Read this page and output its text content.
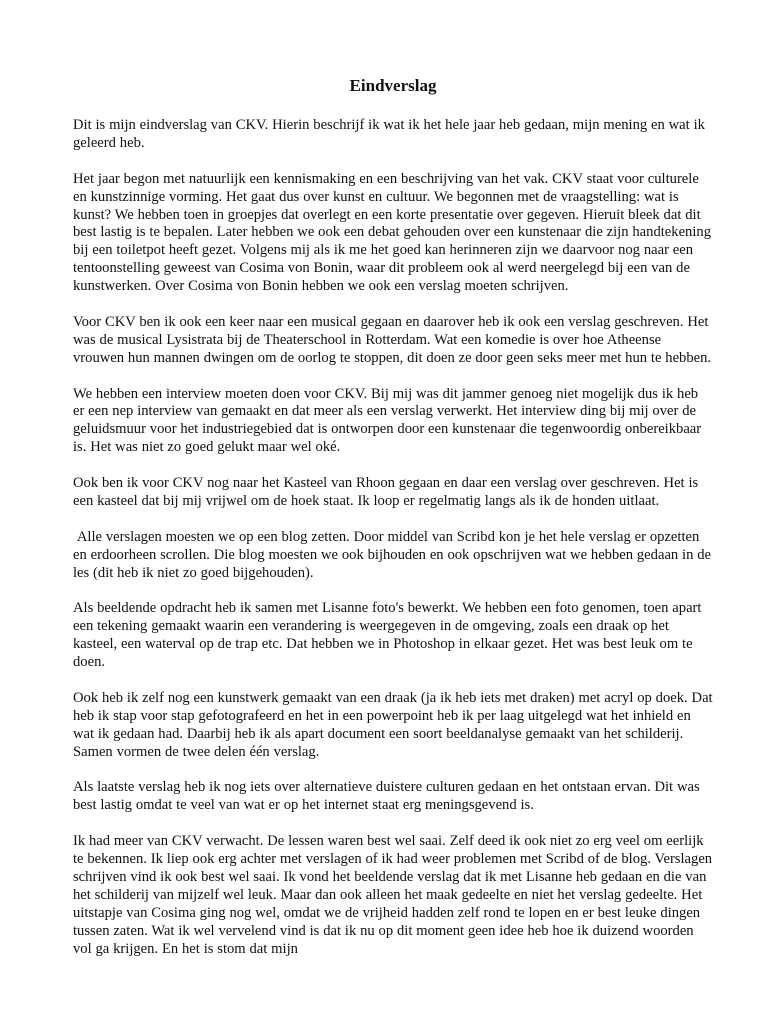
Eindverslag

Dit is mijn eindverslag van CKV. Hierin beschrijf ik wat ik het hele jaar heb gedaan, mijn mening en wat ik geleerd heb.

Het jaar begon met natuurlijk een kennismaking en een beschrijving van het vak. CKV staat voor culturele en kunstzinnige vorming. Het gaat dus over kunst en cultuur. We begonnen met de vraagstelling: wat is kunst? We hebben toen in groepjes dat overlegt en een korte presentatie over gegeven. Hieruit bleek dat dit best lastig is te bepalen. Later hebben we ook een debat gehouden over een kunstenaar die zijn handtekening bij een toiletpot heeft gezet. Volgens mij als ik me het goed kan herinneren zijn we daarvoor nog naar een tentoonstelling geweest van Cosima von Bonin, waar dit probleem ook al werd neergelegd bij een van de kunstwerken. Over Cosima von Bonin hebben we ook een verslag moeten schrijven.

Voor CKV ben ik ook een keer naar een musical gegaan en daarover heb ik ook een verslag geschreven. Het was de musical Lysistrata bij de Theaterschool in Rotterdam. Wat een komedie is over hoe Atheense vrouwen hun mannen dwingen om de oorlog te stoppen, dit doen ze door geen seks meer met hun te hebben.

We hebben een interview moeten doen voor CKV. Bij mij was dit jammer genoeg niet mogelijk dus ik heb er een nep interview van gemaakt en dat meer als een verslag verwerkt. Het interview ding bij mij over de geluidsmuur voor het industriegebied dat is ontworpen door een kunstenaar die tegenwoordig onbereikbaar is. Het was niet zo goed gelukt maar wel oké.

Ook ben ik voor CKV nog naar het Kasteel van Rhoon gegaan en daar een verslag over geschreven. Het is een kasteel dat bij mij vrijwel om de hoek staat. Ik loop er regelmatig langs als ik de honden uitlaat.

Alle verslagen moesten we op een blog zetten. Door middel van Scribd kon je het hele verslag er opzetten en erdoorheen scrollen. Die blog moesten we ook bijhouden en ook opschrijven wat we hebben gedaan in de les (dit heb ik niet zo goed bijgehouden).

Als beeldende opdracht heb ik samen met Lisanne foto's bewerkt. We hebben een foto genomen, toen apart een tekening gemaakt waarin een verandering is weergegeven in de omgeving, zoals een draak op het kasteel, een waterval op de trap etc. Dat hebben we in Photoshop in elkaar gezet. Het was best leuk om te doen.

Ook heb ik zelf nog een kunstwerk gemaakt van een draak (ja ik heb iets met draken) met acryl op doek. Dat heb ik stap voor stap gefotografeerd en het in een powerpoint heb ik per laag uitgelegd wat het inhield en wat ik gedaan had. Daarbij heb ik als apart document een soort beeldanalyse gemaakt van het schilderij. Samen vormen de twee delen één verslag.

Als laatste verslag heb ik nog iets over alternatieve duistere culturen gedaan en het ontstaan ervan. Dit was best lastig omdat te veel van wat er op het internet staat erg meningsgevend is.

Ik had meer van CKV verwacht. De lessen waren best wel saai. Zelf deed ik ook niet zo erg veel om eerlijk te bekennen. Ik liep ook erg achter met verslagen of ik had weer problemen met Scribd of de blog. Verslagen schrijven vind ik ook best wel saai. Ik vond het beeldende verslag dat ik met Lisanne heb gedaan en die van het schilderij van mijzelf wel leuk. Maar dan ook alleen het maak gedeelte en niet het verslag gedeelte. Het uitstapje van Cosima ging nog wel, omdat we de vrijheid hadden zelf rond te lopen en er best leuke dingen tussen zaten. Wat ik wel vervelend vind is dat ik nu op dit moment geen idee heb hoe ik duizend woorden vol ga krijgen. En het is stom dat mijn
